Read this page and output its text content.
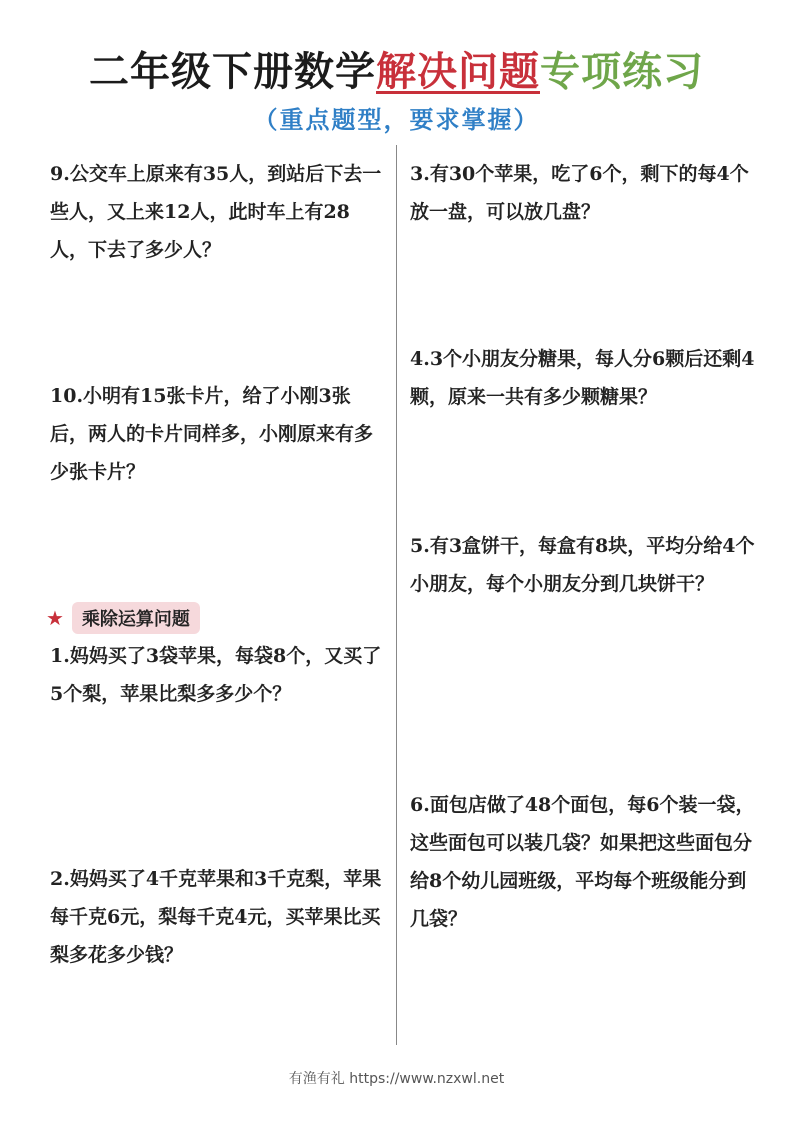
二年级下册数学解决问题专项练习
（重点题型，要求掌握）
9.公交车上原来有35人，到站后下去一些人，又上来12人，此时车上有28人，下去了多少人？
10.小明有15张卡片，给了小刚3张后，两人的卡片同样多，小刚原来有多少张卡片？
★	乘除运算问题
1.妈妈买了3袋苹果，每袋8个，又买了5个梨，苹果比梨多多少个？
2.妈妈买了4千克苹果和3千克梨，苹果每千克6元，梨每千克4元，买苹果比买梨多花多少钱？
3.有30个苹果，吃了6个，剩下的每4个放一盘，可以放几盘？
4.3个小朋友分糖果，每人分6颗后还剩4颗，原来一共有多少颗糖果？
5.有3盒饼干，每盒有8块，平均分给4个小朋友，每个小朋友分到几块饼干？
6.面包店做了48个面包，每6个装一袋，这些面包可以装几袋？如果把这些面包分给8个幼儿园班级，平均每个班级能分到几袋？
有渔有礼 https://www.nzxwl.net
